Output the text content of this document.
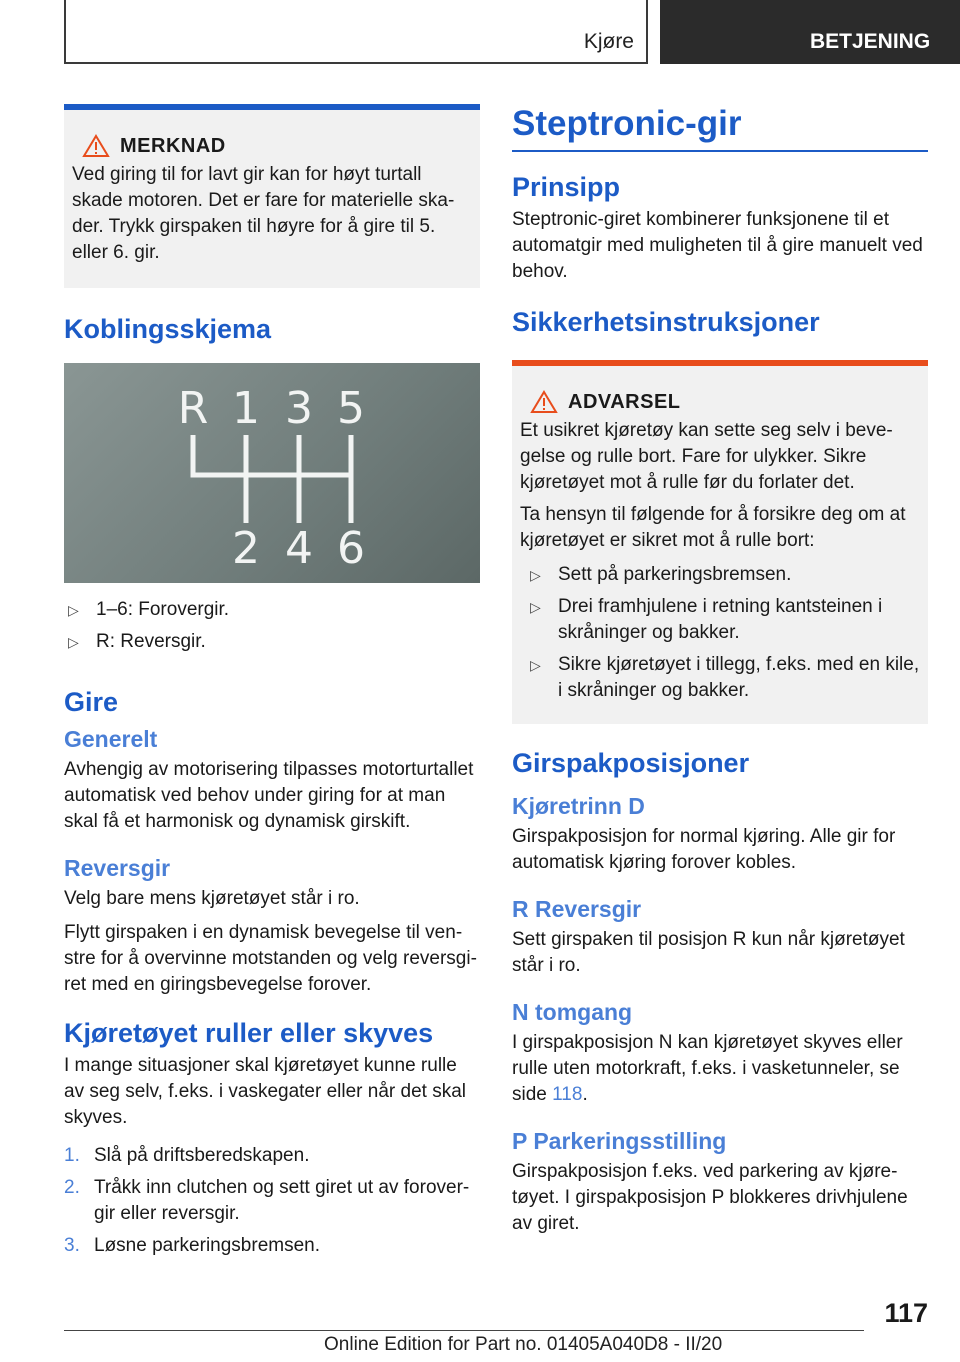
Kjøre	BETJENING
MERKNAD

Ved giring til for lavt gir kan for høyt turtall skade motoren. Det er fare for materielle skader. Trykk girspaken til høyre for å gire til 5. eller 6. gir.

Koblingsskjema
R 1 3 5
2 4 6
▷ 1–6: Forovergir.
▷ R: Reversgir.
Gire
Generelt

Avhengig av motorisering tilpasses motorturtallet automatisk ved behov under giring for at man skal få et harmonisk og dynamisk girskift.

Reversgir

Velg bare mens kjøretøyet står i ro.

Flytt girspaken i en dynamisk bevegelse til venstre for å overvinne motstanden og velg reversgiret med en giringsbevegelse forover.

Kjøretøyet ruller eller skyves

I mange situasjoner skal kjøretøyet kunne rulle av seg selv, f.eks. i vaskegater eller når det skal skyves.

1. Slå på driftsberedskapen.
2. Tråkk inn clutchen og sett giret ut av forovergir eller reversgir.
3. Løsne parkeringsbremsen.
Steptronic-gir
Prinsipp

Steptronic-giret kombinerer funksjonene til et automatgir med muligheten til å gire manuelt ved behov.

Sikkerhetsinstruksjoner
ADVARSEL

Et usikret kjøretøy kan sette seg selv i bevegelse og rulle bort. Fare for ulykker. Sikre kjøretøyet mot å rulle før du forlater det.

Ta hensyn til følgende for å forsikre deg om at kjøretøyet er sikret mot å rulle bort:

▷ Sett på parkeringsbremsen.
▷ Drei framhjulene i retning kantsteinen i skråninger og bakker.
▷ Sikre kjøretøyet i tillegg, f.eks. med en kile, i skråninger og bakker.
Girspakposisjoner
Kjøretrinn D

Girspakposisjon for normal kjøring. Alle gir for automatisk kjøring forover kobles.

R Reversgir

Sett girspaken til posisjon R kun når kjøretøyet står i ro.

N tomgang

I girspakposisjon N kan kjøretøyet skyves eller rulle uten motorkraft, f.eks. i vasketunneler, se side 118.

P Parkeringsstilling

Girspakposisjon f.eks. ved parkering av kjøretøyet. I girspakposisjon P blokkeres drivhjulene av giret.

117
Online Edition for Part no. 01405A040D8 - II/20
